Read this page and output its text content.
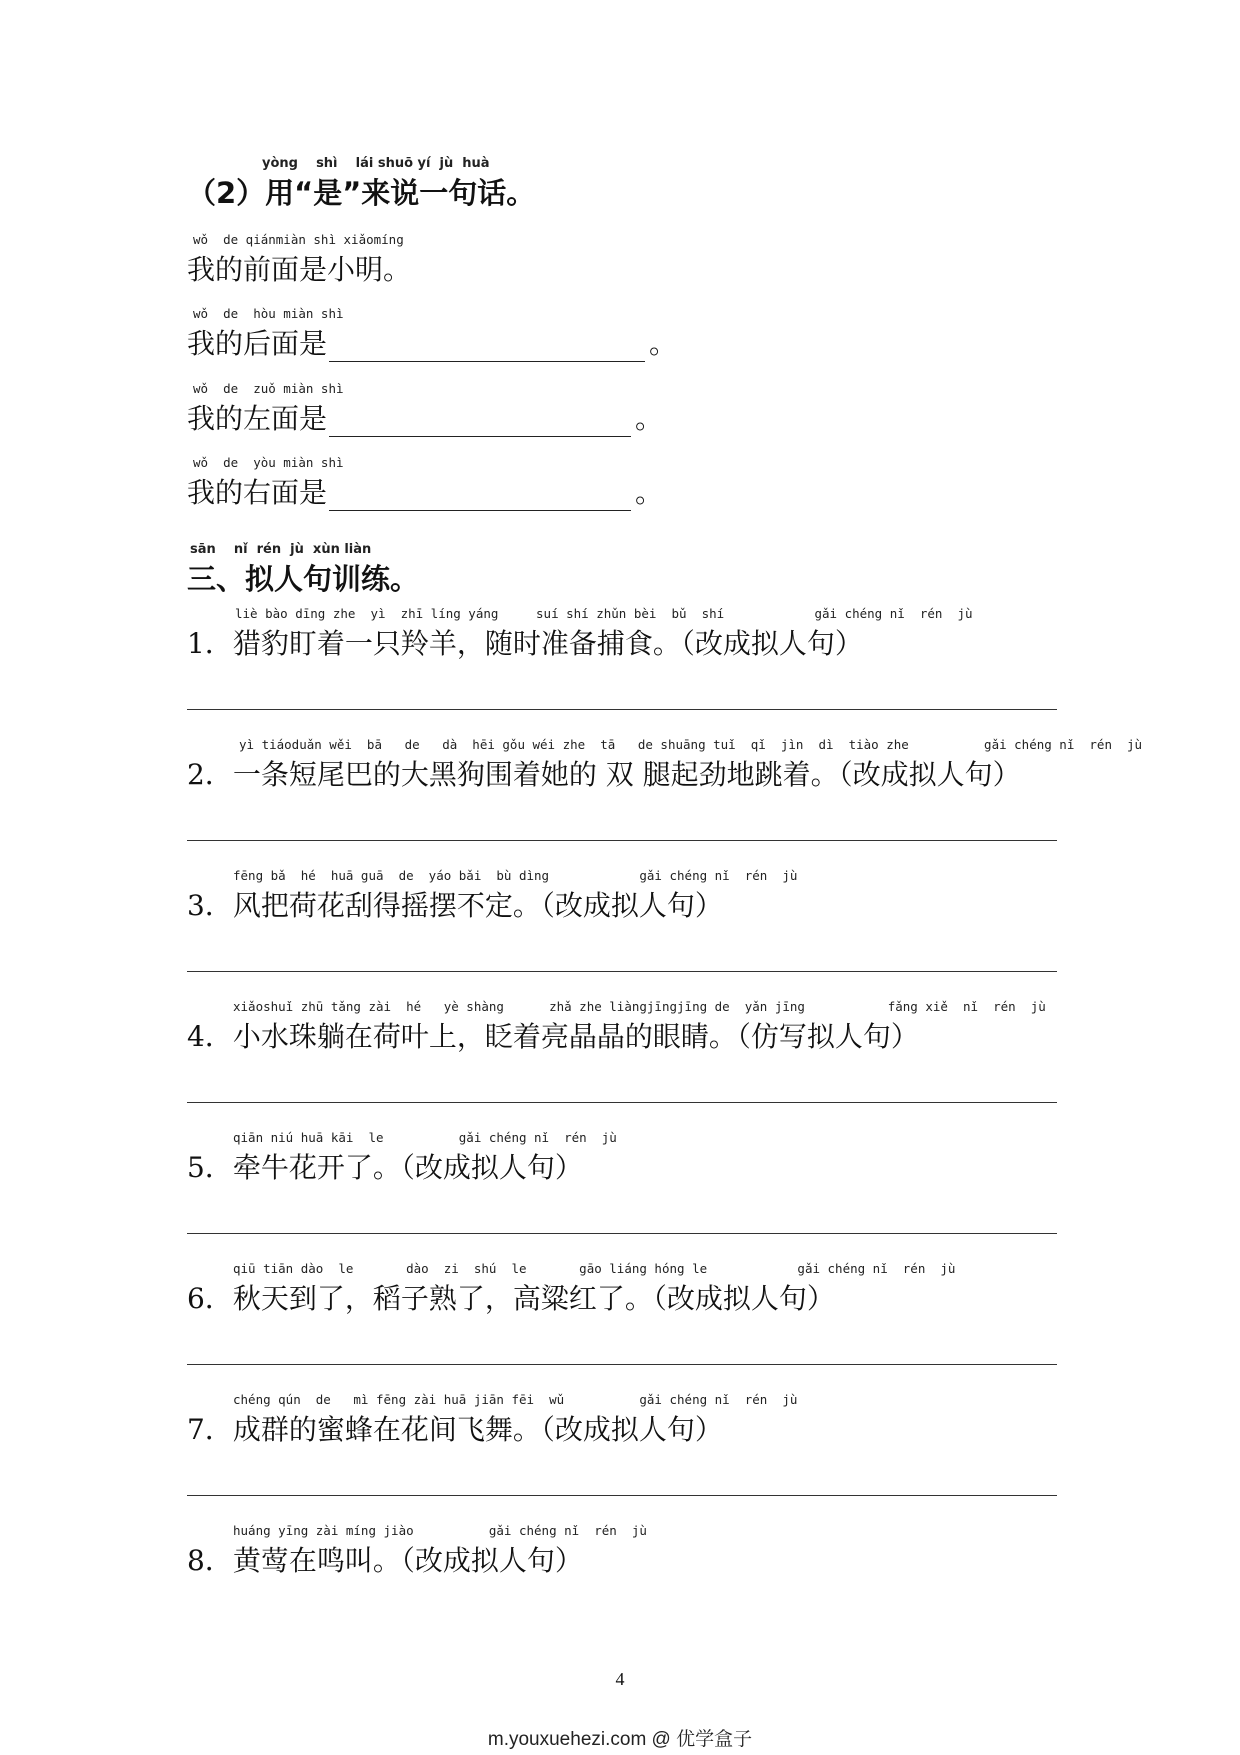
yòng    shì    lái shuō yí  jù  huà
（2）用“是”来说一句话。
wǒ  de qiánmiàn shì xiǎomíng
我的前面是小明。
wǒ  de  hòu miàn shì
我的后面是	。
wǒ  de  zuǒ miàn shì
我的左面是	。
wǒ  de  yòu miàn shì
我的右面是	。
sān    nǐ  rén  jù  xùn liàn
三、拟人句训练。
liè bào dīng zhe  yì  zhī líng yáng     suí shí zhǔn bèi  bǔ  shí            gǎi chéng nǐ  rén  jù
1．猎豹盯着一只羚羊，随时准备捕食。（改成拟人句）
yì tiáoduǎn wěi  bā   de   dà  hēi gǒu wéi zhe  tā   de shuāng tuǐ  qǐ  jìn  dì  tiào zhe          gǎi chéng nǐ  rén  jù
2．一条短尾巴的大黑狗围着她的 双 腿起劲地跳着。（改成拟人句）
fēng bǎ  hé  huā guā  de  yáo bǎi  bù dìng            gǎi chéng nǐ  rén  jù
3．风把荷花刮得摇摆不定。（改成拟人句）
xiǎoshuǐ zhū tǎng zài  hé   yè shàng      zhǎ zhe liàngjīngjīng de  yǎn jīng           fǎng xiě  nǐ  rén  jù
4．小水珠躺在荷叶上，眨着亮晶晶的眼睛。（仿写拟人句）
qiān niú huā kāi  le          gǎi chéng nǐ  rén  jù
5．牵牛花开了。（改成拟人句）
qiū tiān dào  le       dào  zi  shú  le       gāo liáng hóng le            gǎi chéng nǐ  rén  jù
6．秋天到了，稻子熟了，高粱红了。（改成拟人句）
chéng qún  de   mì fēng zài huā jiān fēi  wǔ          gǎi chéng nǐ  rén  jù
7．成群的蜜蜂在花间飞舞。（改成拟人句）
huáng yīng zài míng jiào          gǎi chéng nǐ  rén  jù
8．黄莺在鸣叫。（改成拟人句）
4
m.youxuehezi.com @ 优学盒子
